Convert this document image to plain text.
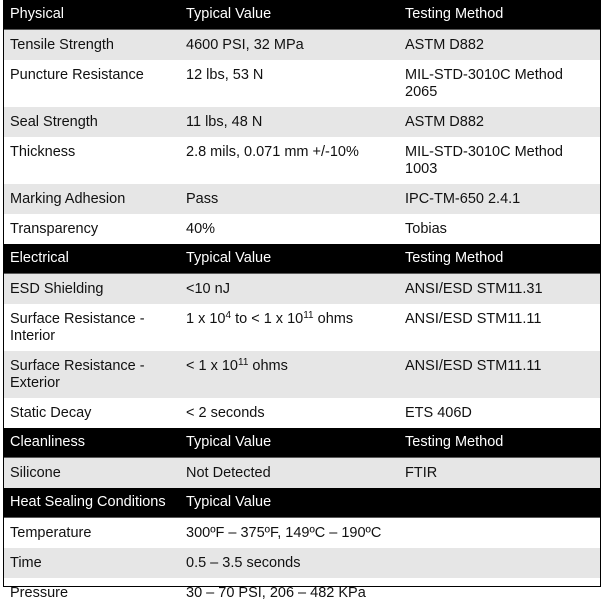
Physical	Typical Value	Testing Method
Tensile Strength	4600 PSI, 32 MPa	ASTM D882
Puncture Resistance	12 lbs, 53 N	MIL-STD-3010C Method 2065
Seal Strength	11 lbs, 48 N	ASTM D882
Thickness	2.8 mils, 0.071 mm +/-10%	MIL-STD-3010C Method 1003
Marking Adhesion	Pass	IPC-TM-650 2.4.1
Transparency	40%	Tobias
Electrical	Typical Value	Testing Method
ESD Shielding	<10 nJ	ANSI/ESD STM11.31
Surface Resistance - Interior	1 x $10^4$ to < 1 x $10^{11}$ ohms	ANSI/ESD STM11.11
Surface Resistance - Exterior	< 1 x $10^{11}$ ohms	ANSI/ESD STM11.11
Static Decay	< 2 seconds	ETS 406D
Cleanliness	Typical Value	Testing Method
Silicone	Not Detected	FTIR
Heat Sealing Conditions	Typical Value	
Temperature	300ºF – 375ºF, 149ºC – 190ºC	
Time	0.5 – 3.5 seconds	
Pressure	30 – 70 PSI, 206 – 482 KPa	
